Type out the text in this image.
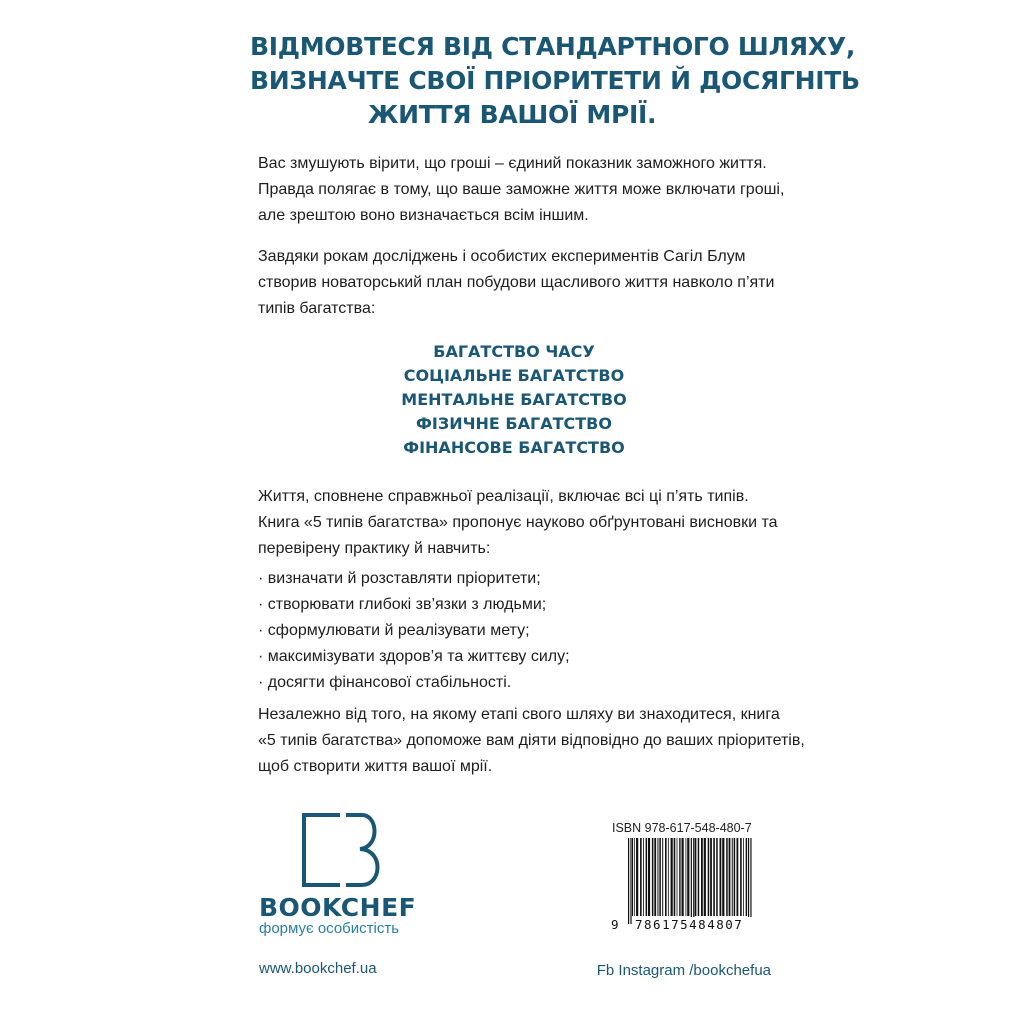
ВІДМОВТЕСЯ ВІД СТАНДАРТНОГО ШЛЯХУ,
ВИЗНАЧТЕ СВОЇ ПРІОРИТЕТИ Й ДОСЯГНІТЬ
ЖИТТЯ ВАШОЇ МРІЇ.
Вас змушують вірити, що гроші – єдиний показник заможного життя.
Правда полягає в тому, що ваше заможне життя може включати гроші,
але зрештою воно визначається всім іншим.
Завдяки рокам досліджень і особистих експериментів Сагіл Блум
створив новаторський план побудови щасливого життя навколо п’яти
типів багатства:
БАГАТСТВО ЧАСУ
СОЦІАЛЬНЕ БАГАТСТВО
МЕНТАЛЬНЕ БАГАТСТВО
ФІЗИЧНЕ БАГАТСТВО
ФІНАНСОВЕ БАГАТСТВО
Життя, сповнене справжньої реалізації, включає всі ці п’ять типів.
Книга «5 типів багатства» пропонує науково обґрунтовані висновки та
перевірену практику й навчить:
· визначати й розставляти пріоритети;
· створювати глибокі зв’язки з людьми;
· сформулювати й реалізувати мету;
· максимізувати здоров’я та життєву силу;
· досягти фінансової стабільності.
Незалежно від того, на якому етапі свого шляху ви знаходитеся, книга
«5 типів багатства» допоможе вам діяти відповідно до ваших пріоритетів,
щоб створити життя вашої мрії.
BOOKCHEF
формує особистість
www.bookchef.ua	Fb Instagram /bookchefua
ISBN 978-617-548-480-7
9 786175484807
